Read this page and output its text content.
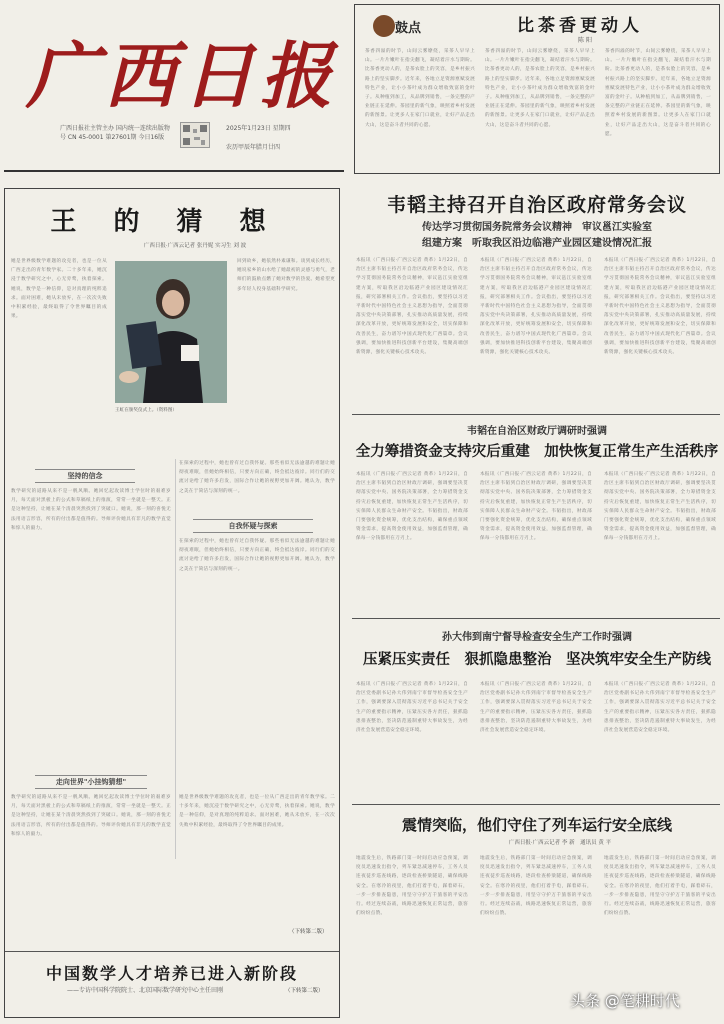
广西日报
广西日报社主管主办 国内统一连续出版物号 CN 45-0001 第27601期 今日16版
2025年1月23日 星期四
农历甲辰年腊月廿四
鼓点	比茶香更动人
陈 阳
茶香四溢的时节，山间云雾缭绕，采茶人早早上山。一片片嫩叶在指尖翻飞，凝结着汗水与期盼。比茶香更动人的，是茶农脸上的笑容，是乡村振兴路上的坚实脚步。近年来，各地立足资源禀赋发展特色产业，让小小茶叶成为群众增收致富的金叶子。从种植到加工，从品牌到销售，一条完整的产业链正在延伸。茶园里的新气象，映照着乡村发展的新图景。让更多人在家门口就业，让好产品走出大山，这是奋斗者共同的心愿。
茶香四溢的时节，山间云雾缭绕，采茶人早早上山。一片片嫩叶在指尖翻飞，凝结着汗水与期盼。比茶香更动人的，是茶农脸上的笑容，是乡村振兴路上的坚实脚步。近年来，各地立足资源禀赋发展特色产业，让小小茶叶成为群众增收致富的金叶子。从种植到加工，从品牌到销售，一条完整的产业链正在延伸。茶园里的新气象，映照着乡村发展的新图景。让更多人在家门口就业，让好产品走出大山，这是奋斗者共同的心愿。
茶香四溢的时节，山间云雾缭绕，采茶人早早上山。一片片嫩叶在指尖翻飞，凝结着汗水与期盼。比茶香更动人的，是茶农脸上的笑容，是乡村振兴路上的坚实脚步。近年来，各地立足资源禀赋发展特色产业，让小小茶叶成为群众增收致富的金叶子。从种植到加工，从品牌到销售，一条完整的产业链正在延伸。茶园里的新气象，映照着乡村发展的新图景。让更多人在家门口就业，让好产品走出大山，这是奋斗者共同的心愿。
王 的 猜 想
广西日报·广西云记者 张丹妮 实习生 刘 波
她是世界级数学难题的攻克者，也是一位从广西走出的青年数学家。二十多年来，她沉浸于数学研究之中，心无旁骛，执着探索。她说，数学是一种信仰，是对真理的纯粹追求。面对困难，她从未放弃，在一次次失败中积累经验，最终取得了令世界瞩目的成果。
王虹在颁奖仪式上。（资料图）
回到故乡，她依然朴素谦和。谈到成长经历，她说家乡的山水给了她最初的灵感与勇气，老师们的鼓励点燃了她对数学的热爱。她希望更多年轻人投身基础科学研究。
坚持的信念
数学研究的道路从来不是一帆风顺。她回忆起攻读博士学位时的艰难岁月，每天面对黑板上的公式和草稿纸上的推演，常常一坐就是一整天。正是这种坚持，让她在某个清晨突然找到了突破口。她说，那一刻的喜悦无法用语言形容，所有的付出都是值得的。导师评价她具有非凡的数学直觉和惊人的毅力。
在探索的过程中，她也曾有过自我怀疑。那些看似无法逾越的难题让她彻夜难眠，但她始终相信，只要方向正确，终会抵达彼岸。同行们的交流讨论给了她许多启发，国际合作让她的视野更加开阔。她认为，数学之美在于简洁与深刻的统一。
自我怀疑与探索
在探索的过程中，她也曾有过自我怀疑。那些看似无法逾越的难题让她彻夜难眠，但她始终相信，只要方向正确，终会抵达彼岸。同行们的交流讨论给了她许多启发，国际合作让她的视野更加开阔。她认为，数学之美在于简洁与深刻的统一。
走向世界"小挂钩猜想"
数学研究的道路从来不是一帆风顺。她回忆起攻读博士学位时的艰难岁月，每天面对黑板上的公式和草稿纸上的推演，常常一坐就是一整天。正是这种坚持，让她在某个清晨突然找到了突破口。她说，那一刻的喜悦无法用语言形容，所有的付出都是值得的。导师评价她具有非凡的数学直觉和惊人的毅力。
她是世界级数学难题的攻克者，也是一位从广西走出的青年数学家。二十多年来，她沉浸于数学研究之中，心无旁骛，执着探索。她说，数学是一种信仰，是对真理的纯粹追求。面对困难，她从未放弃，在一次次失败中积累经验，最终取得了令世界瞩目的成果。
（下转第二版）
中国数学人才培养已进入新阶段
——专访中国科学院院士、北京国际数学研究中心主任田刚	（下转第二版）
韦韬主持召开自治区政府常务会议
传达学习贯彻国务院常务会议精神　审议邕江实验室
组建方案　听取我区沿边临港产业园区建设情况汇报
本报讯（广西日报·广西云记者 黄革）1月22日，自治区主席韦韬主持召开自治区政府常务会议，传达学习贯彻国务院常务会议精神，审议邕江实验室组建方案，听取我区沿边临港产业园区建设情况汇报，研究部署相关工作。会议指出，要坚持以习近平新时代中国特色社会主义思想为指导，全面贯彻落实党中央决策部署，扎实推动高质量发展，持续深化改革开放，更好统筹发展和安全，切实保障和改善民生，奋力谱写中国式现代化广西篇章。会议强调，要加快推进科技创新平台建设，集聚高端创新资源，强化关键核心技术攻关。
本报讯（广西日报·广西云记者 黄革）1月22日，自治区主席韦韬主持召开自治区政府常务会议，传达学习贯彻国务院常务会议精神，审议邕江实验室组建方案，听取我区沿边临港产业园区建设情况汇报，研究部署相关工作。会议指出，要坚持以习近平新时代中国特色社会主义思想为指导，全面贯彻落实党中央决策部署，扎实推动高质量发展，持续深化改革开放，更好统筹发展和安全，切实保障和改善民生，奋力谱写中国式现代化广西篇章。会议强调，要加快推进科技创新平台建设，集聚高端创新资源，强化关键核心技术攻关。
本报讯（广西日报·广西云记者 黄革）1月22日，自治区主席韦韬主持召开自治区政府常务会议，传达学习贯彻国务院常务会议精神，审议邕江实验室组建方案，听取我区沿边临港产业园区建设情况汇报，研究部署相关工作。会议指出，要坚持以习近平新时代中国特色社会主义思想为指导，全面贯彻落实党中央决策部署，扎实推动高质量发展，持续深化改革开放，更好统筹发展和安全，切实保障和改善民生，奋力谱写中国式现代化广西篇章。会议强调，要加快推进科技创新平台建设，集聚高端创新资源，强化关键核心技术攻关。
韦韬在自治区财政厅调研时强调
全力筹措资金支持灾后重建　加快恢复正常生产生活秩序
本报讯（广西日报·广西云记者 黄革）1月22日，自治区主席韦韬到自治区财政厅调研，强调要坚决贯彻落实党中央、国务院决策部署，全力筹措资金支持灾后恢复重建，加快恢复正常生产生活秩序，切实保障人民群众生命财产安全。韦韬指出，财政部门要强化资金统筹，优化支出结构，确保重点领域资金需求，提高资金使用效益，加强监督管理，确保每一分钱都用在刀刃上。
本报讯（广西日报·广西云记者 黄革）1月22日，自治区主席韦韬到自治区财政厅调研，强调要坚决贯彻落实党中央、国务院决策部署，全力筹措资金支持灾后恢复重建，加快恢复正常生产生活秩序，切实保障人民群众生命财产安全。韦韬指出，财政部门要强化资金统筹，优化支出结构，确保重点领域资金需求，提高资金使用效益，加强监督管理，确保每一分钱都用在刀刃上。
本报讯（广西日报·广西云记者 黄革）1月22日，自治区主席韦韬到自治区财政厅调研，强调要坚决贯彻落实党中央、国务院决策部署，全力筹措资金支持灾后恢复重建，加快恢复正常生产生活秩序，切实保障人民群众生命财产安全。韦韬指出，财政部门要强化资金统筹，优化支出结构，确保重点领域资金需求，提高资金使用效益，加强监督管理，确保每一分钱都用在刀刃上。
孙大伟到南宁督导检查安全生产工作时强调
压紧压实责任　狠抓隐患整治　坚决筑牢安全生产防线
本报讯（广西日报·广西云记者 黄革）1月22日，自治区党委副书记孙大伟到南宁市督导检查安全生产工作，强调要深入贯彻落实习近平总书记关于安全生产的重要指示精神，压紧压实各方责任，狠抓隐患排查整治，坚决防范遏制重特大事故发生，为经济社会发展营造安全稳定环境。
本报讯（广西日报·广西云记者 黄革）1月22日，自治区党委副书记孙大伟到南宁市督导检查安全生产工作，强调要深入贯彻落实习近平总书记关于安全生产的重要指示精神，压紧压实各方责任，狠抓隐患排查整治，坚决防范遏制重特大事故发生，为经济社会发展营造安全稳定环境。
本报讯（广西日报·广西云记者 黄革）1月22日，自治区党委副书记孙大伟到南宁市督导检查安全生产工作，强调要深入贯彻落实习近平总书记关于安全生产的重要指示精神，压紧压实各方责任，狠抓隐患排查整治，坚决防范遏制重特大事故发生，为经济社会发展营造安全稳定环境。
震情突临，他们守住了列车运行安全底线
广西日报·广西云记者 李 新　通讯员 黄 平
地震发生后，铁路部门第一时间启动应急预案，调度员迅速发出指令，列车紧急减速停车，工务人员连夜徒步巡查线路，逐段检查桥梁隧道，确保线路安全。在寒冷的夜里，他们打着手电，踩着碎石，一步一步排查隐患，用坚守守护万千旅客的平安出行。经过连续奋战，线路迅速恢复正常运营，旅客们纷纷点赞。
地震发生后，铁路部门第一时间启动应急预案，调度员迅速发出指令，列车紧急减速停车，工务人员连夜徒步巡查线路，逐段检查桥梁隧道，确保线路安全。在寒冷的夜里，他们打着手电，踩着碎石，一步一步排查隐患，用坚守守护万千旅客的平安出行。经过连续奋战，线路迅速恢复正常运营，旅客们纷纷点赞。
地震发生后，铁路部门第一时间启动应急预案，调度员迅速发出指令，列车紧急减速停车，工务人员连夜徒步巡查线路，逐段检查桥梁隧道，确保线路安全。在寒冷的夜里，他们打着手电，踩着碎石，一步一步排查隐患，用坚守守护万千旅客的平安出行。经过连续奋战，线路迅速恢复正常运营，旅客们纷纷点赞。
头条 @笔耕时代
